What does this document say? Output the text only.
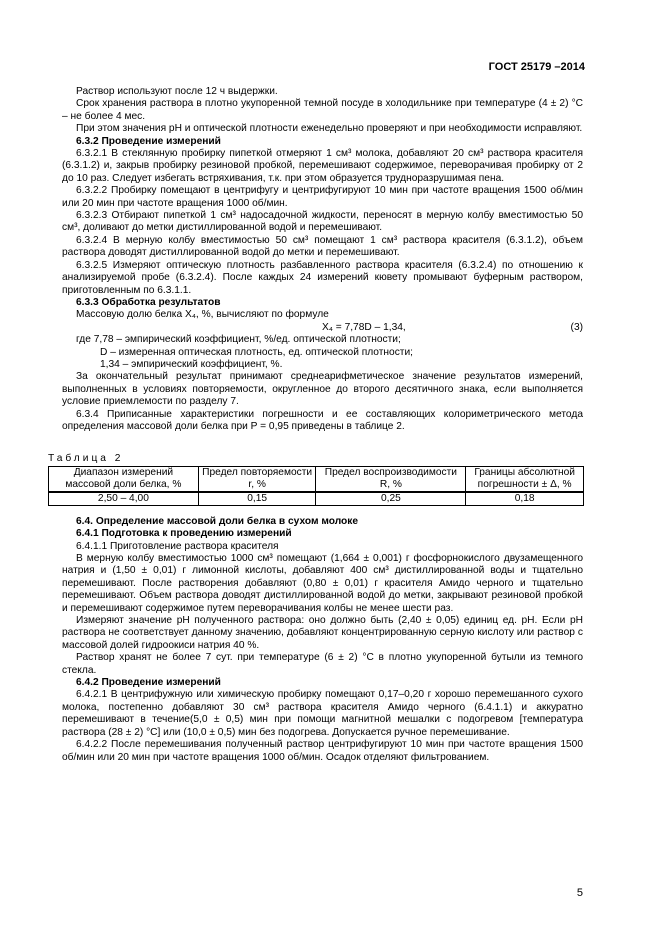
ГОСТ 25179 –2014

Раствор используют после 12 ч выдержки.

Срок хранения раствора в плотно укупоренной темной посуде в холодильнике при температуре (4 ± 2) °С – не более 4 мес.

При этом значения рН и оптической плотности еженедельно проверяют и при необходимости исправляют.

6.3.2 Проведение измерений

6.3.2.1 В стеклянную пробирку пипеткой отмеряют 1 см³ молока, добавляют 20 см³ раствора красителя (6.3.1.2) и, закрыв пробирку резиновой пробкой, перемешивают содержимое, переворачивая пробирку от 2 до 10 раз. Следует избегать встряхивания, т.к. при этом образуется трудноразрушимая пена.

6.3.2.2 Пробирку помещают в центрифугу и центрифугируют 10 мин при частоте вращения 1500 об/мин или 20 мин при частоте вращения 1000 об/мин.

6.3.2.3 Отбирают пипеткой 1 см³ надосадочной жидкости, переносят в мерную колбу вместимостью 50 см³, доливают до метки дистиллированной водой и перемешивают.

6.3.2.4 В мерную колбу вместимостью 50 см³ помещают 1 см³ раствора красителя (6.3.1.2), объем раствора доводят дистиллированной водой до метки и перемешивают.

6.3.2.5 Измеряют оптическую плотность разбавленного раствора красителя (6.3.2.4) по отношению к анализируемой пробе (6.3.2.4). После каждых 24 измерений кювету промывают буферным раствором, приготовленным по 6.3.1.1.

6.3.3 Обработка результатов

Массовую долю белка X₄, %, вычисляют по формуле

X₄ = 7,78D – 1,34,	(3)

где 7,78 – эмпирический коэффициент, %/ед. оптической плотности;

D – измеренная оптическая плотность, ед. оптической плотности;

1,34 – эмпирический коэффициент, %.

За окончательный результат принимают среднеарифметическое значение результатов измерений, выполненных в условиях повторяемости, округленное до второго десятичного знака, если выполняется условие приемлемости по разделу 7.

6.3.4 Приписанные характеристики погрешности и ее составляющих колориметрического метода определения массовой доли белка при P = 0,95 приведены в таблице 2.

Таблица 2
Диапазон измерений массовой доли белка, %	Предел повторяемости r, %	Предел воспроизводимости R, %	Границы абсолютной погрешности ± Δ, %
2,50 – 4,00	0,15	0,25	0,18

6.4. Определение массовой доли белка в сухом молоке

6.4.1 Подготовка к проведению измерений

6.4.1.1 Приготовление раствора красителя

В мерную колбу вместимостью 1000 см³ помещают (1,664 ± 0,001) г фосфорнокислого двузамещенного натрия и (1,50 ± 0,01) г лимонной кислоты, добавляют 400 см³ дистиллированной воды и тщательно перемешивают. После растворения добавляют (0,80 ± 0,01) г красителя Амидо черного и тщательно перемешивают. Объем раствора доводят дистиллированной водой до метки, закрывают резиновой пробкой и перемешивают содержимое путем переворачивания колбы не менее шести раз.

Измеряют значение рН полученного раствора: оно должно быть (2,40 ± 0,05) единиц ед. рН. Если рН раствора не соответствует данному значению, добавляют концентрированную серную кислоту или раствор с массовой долей гидроокиси натрия 40 %.

Раствор хранят не более 7 сут. при температуре (6 ± 2) °С в плотно укупоренной бутыли из темного стекла.

6.4.2 Проведение измерений

6.4.2.1 В центрифужную или химическую пробирку помещают 0,17–0,20 г хорошо перемешанного сухого молока, постепенно добавляют 30 см³ раствора красителя Амидо черного (6.4.1.1) и аккуратно перемешивают в течение(5,0 ± 0,5) мин при помощи магнитной мешалки с подогревом [температура раствора (28 ± 2) °С] или (10,0 ± 0,5) мин без подогрева. Допускается ручное перемешивание.

6.4.2.2 После перемешивания полученный раствор центрифугируют 10 мин при частоте вращения 1500 об/мин или 20 мин при частоте вращения 1000 об/мин. Осадок отделяют фильтрованием.

5
